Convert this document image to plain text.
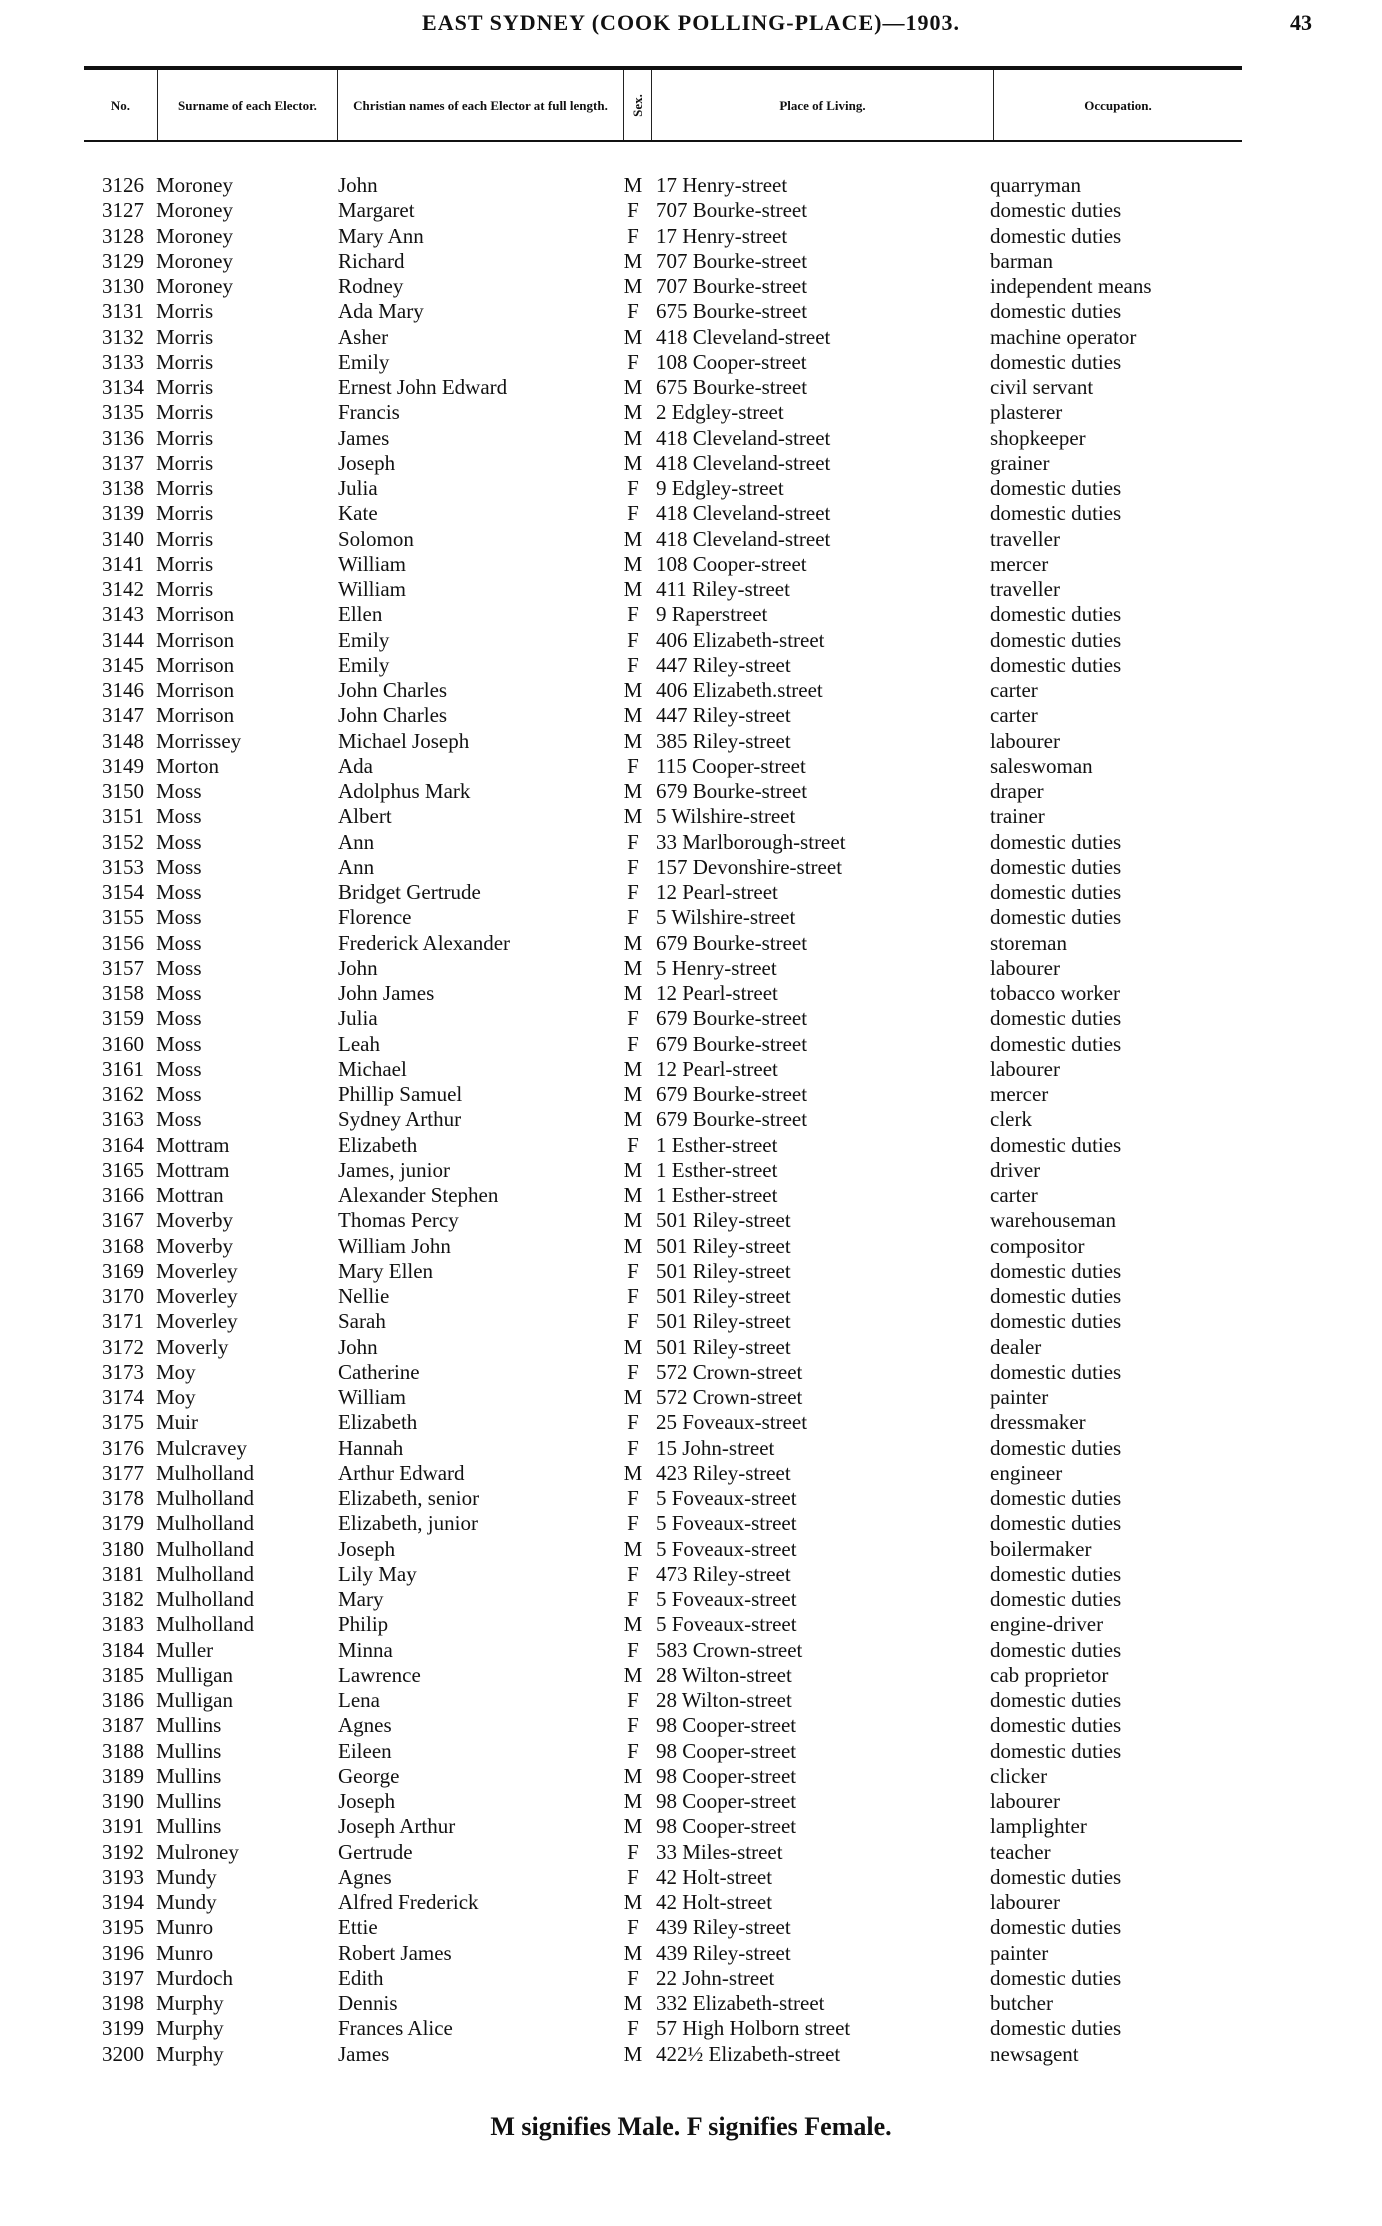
EAST SYDNEY (COOK POLLING-PLACE)—1903.	43
No.	Surname of each Elector.	Christian names of each Elector at full length.	Sex.	Place of Living.	Occupation.
3126 Moroney	John	M 17 Henry-street	quarryman
3127 Moroney	Margaret	F 707 Bourke-street	domestic duties
3128 Moroney	Mary Ann	F 17 Henry-street	domestic duties
3129 Moroney	Richard	M 707 Bourke-street	barman
3130 Moroney	Rodney	M 707 Bourke-street	independent means
3131 Morris	Ada Mary	F 675 Bourke-street	domestic duties
3132 Morris	Asher	M 418 Cleveland-street	machine operator
3133 Morris	Emily	F 108 Cooper-street	domestic duties
3134 Morris	Ernest John Edward	M 675 Bourke-street	civil servant
3135 Morris	Francis	M 2 Edgley-street	plasterer
3136 Morris	James	M 418 Cleveland-street	shopkeeper
3137 Morris	Joseph	M 418 Cleveland-street	grainer
3138 Morris	Julia	F 9 Edgley-street	domestic duties
3139 Morris	Kate	F 418 Cleveland-street	domestic duties
3140 Morris	Solomon	M 418 Cleveland-street	traveller
3141 Morris	William	M 108 Cooper-street	mercer
3142 Morris	William	M 411 Riley-street	traveller
3143 Morrison	Ellen	F 9 Raperstreet	domestic duties
3144 Morrison	Emily	F 406 Elizabeth-street	domestic duties
3145 Morrison	Emily	F 447 Riley-street	domestic duties
3146 Morrison	John Charles	M 406 Elizabeth.street	carter
3147 Morrison	John Charles	M 447 Riley-street	carter
3148 Morrissey	Michael Joseph	M 385 Riley-street	labourer
3149 Morton	Ada	F 115 Cooper-street	saleswoman
3150 Moss	Adolphus Mark	M 679 Bourke-street	draper
3151 Moss	Albert	M 5 Wilshire-street	trainer
3152 Moss	Ann	F 33 Marlborough-street	domestic duties
3153 Moss	Ann	F 157 Devonshire-street	domestic duties
3154 Moss	Bridget Gertrude	F 12 Pearl-street	domestic duties
3155 Moss	Florence	F 5 Wilshire-street	domestic duties
3156 Moss	Frederick Alexander	M 679 Bourke-street	storeman
3157 Moss	John	M 5 Henry-street	labourer
3158 Moss	John James	M 12 Pearl-street	tobacco worker
3159 Moss	Julia	F 679 Bourke-street	domestic duties
3160 Moss	Leah	F 679 Bourke-street	domestic duties
3161 Moss	Michael	M 12 Pearl-street	labourer
3162 Moss	Phillip Samuel	M 679 Bourke-street	mercer
3163 Moss	Sydney Arthur	M 679 Bourke-street	clerk
3164 Mottram	Elizabeth	F 1 Esther-street	domestic duties
3165 Mottram	James, junior	M 1 Esther-street	driver
3166 Mottran	Alexander Stephen	M 1 Esther-street	carter
3167 Moverby	Thomas Percy	M 501 Riley-street	warehouseman
3168 Moverby	William John	M 501 Riley-street	compositor
3169 Moverley	Mary Ellen	F 501 Riley-street	domestic duties
3170 Moverley	Nellie	F 501 Riley-street	domestic duties
3171 Moverley	Sarah	F 501 Riley-street	domestic duties
3172 Moverly	John	M 501 Riley-street	dealer
3173 Moy	Catherine	F 572 Crown-street	domestic duties
3174 Moy	William	M 572 Crown-street	painter
3175 Muir	Elizabeth	F 25 Foveaux-street	dressmaker
3176 Mulcravey	Hannah	F 15 John-street	domestic duties
3177 Mulholland	Arthur Edward	M 423 Riley-street	engineer
3178 Mulholland	Elizabeth, senior	F 5 Foveaux-street	domestic duties
3179 Mulholland	Elizabeth, junior	F 5 Foveaux-street	domestic duties
3180 Mulholland	Joseph	M 5 Foveaux-street	boilermaker
3181 Mulholland	Lily May	F 473 Riley-street	domestic duties
3182 Mulholland	Mary	F 5 Foveaux-street	domestic duties
3183 Mulholland	Philip	M 5 Foveaux-street	engine-driver
3184 Muller	Minna	F 583 Crown-street	domestic duties
3185 Mulligan	Lawrence	M 28 Wilton-street	cab proprietor
3186 Mulligan	Lena	F 28 Wilton-street	domestic duties
3187 Mullins	Agnes	F 98 Cooper-street	domestic duties
3188 Mullins	Eileen	F 98 Cooper-street	domestic duties
3189 Mullins	George	M 98 Cooper-street	clicker
3190 Mullins	Joseph	M 98 Cooper-street	labourer
3191 Mullins	Joseph Arthur	M 98 Cooper-street	lamplighter
3192 Mulroney	Gertrude	F 33 Miles-street	teacher
3193 Mundy	Agnes	F 42 Holt-street	domestic duties
3194 Mundy	Alfred Frederick	M 42 Holt-street	labourer
3195 Munro	Ettie	F 439 Riley-street	domestic duties
3196 Munro	Robert James	M 439 Riley-street	painter
3197 Murdoch	Edith	F 22 John-street	domestic duties
3198 Murphy	Dennis	M 332 Elizabeth-street	butcher
3199 Murphy	Frances Alice	F 57 High Holborn street	domestic duties
3200 Murphy	James	M 422½ Elizabeth-street	newsagent
M signifies Male. F signifies Female.
